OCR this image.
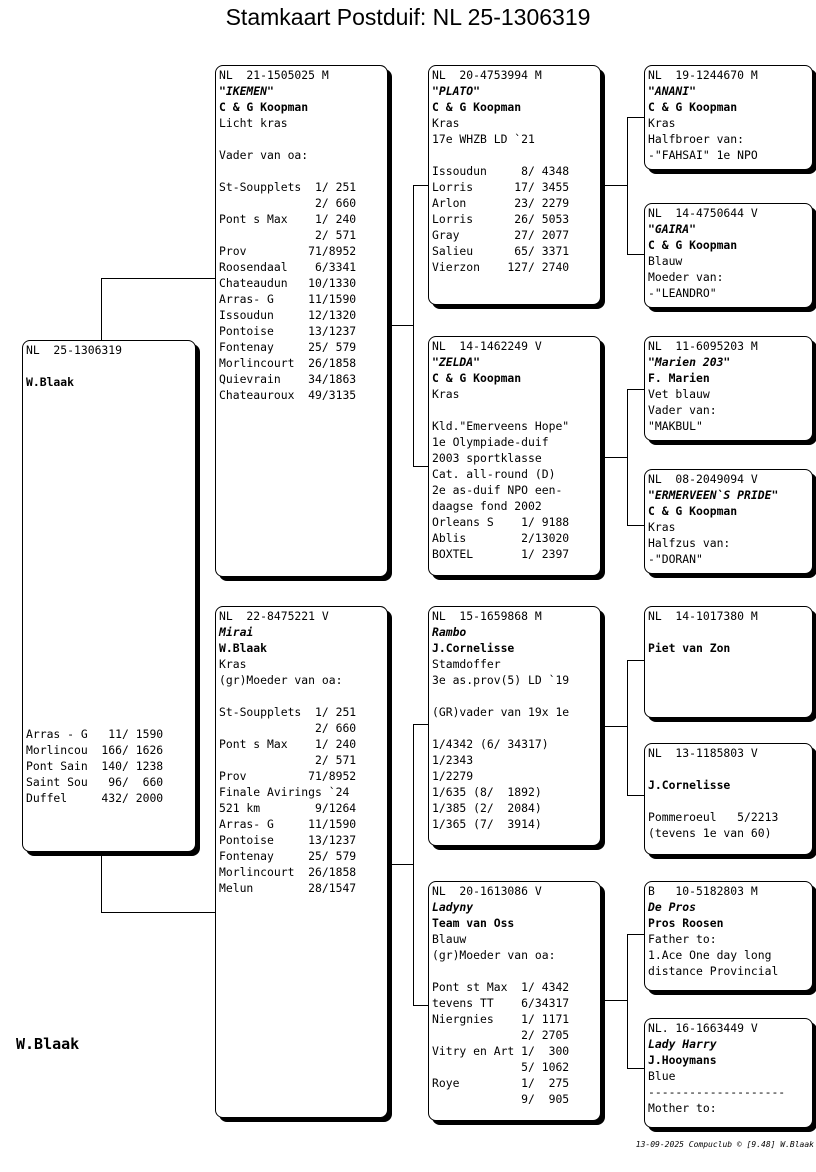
Stamkaart Postduif: NL 25-1306319
NL  25-1306319
W.Blaak
Arras - G   11/ 1590
Morlincou  166/ 1626
Pont Sain  140/ 1238
Saint Sou   96/  660
Duffel     432/ 2000
NL  21-1505025 M
"IKEMEN"
C & G Koopman
Licht kras
Vader van oa:
St-Soupplets  1/ 251
2/ 660
Pont s Max    1/ 240
2/ 571
Prov         71/8952
Roosendaal    6/3341
Chateaudun   10/1330
Arras- G     11/1590
Issoudun     12/1320
Pontoise     13/1237
Fontenay     25/ 579
Morlincourt  26/1858
Quievrain    34/1863
Chateauroux  49/3135
NL  22-8475221 V
Mirai
W.Blaak
Kras
(gr)Moeder van oa:
St-Soupplets  1/ 251
2/ 660
Pont s Max    1/ 240
2/ 571
Prov         71/8952
Finale Avirings `24
521 km        9/1264
Arras- G     11/1590
Pontoise     13/1237
Fontenay     25/ 579
Morlincourt  26/1858
Melun        28/1547
NL  20-4753994 M
"PLATO"
C & G Koopman
Kras
17e WHZB LD `21
Issoudun     8/ 4348
Lorris      17/ 3455
Arlon       23/ 2279
Lorris      26/ 5053
Gray        27/ 2077
Salieu      65/ 3371
Vierzon    127/ 2740
NL  14-1462249 V
"ZELDA"
C & G Koopman
Kras
Kld."Emerveens Hope"
1e Olympiade-duif
2003 sportklasse
Cat. all-round (D)
2e as-duif NPO een-
daagse fond 2002
Orleans S    1/ 9188
Ablis        2/13020
BOXTEL       1/ 2397
NL  15-1659868 M
Rambo
J.Cornelisse
Stamdoffer
3e as.prov(5) LD `19
(GR)vader van 19x 1e
1/4342 (6/ 34317)
1/2343
1/2279
1/635 (8/  1892)
1/385 (2/  2084)
1/365 (7/  3914)
NL  20-1613086 V
Ladyny
Team van Oss
Blauw
(gr)Moeder van oa:
Pont st Max  1/ 4342
tevens TT    6/34317
Niergnies    1/ 1171
2/ 2705
Vitry en Art 1/  300
5/ 1062
Roye         1/  275
9/  905
NL  19-1244670 M
"ANANI"
C & G Koopman
Kras
Halfbroer van:
-"FAHSAI" 1e NPO
NL  14-4750644 V
"GAIRA"
C & G Koopman
Blauw
Moeder van:
-"LEANDRO"
NL  11-6095203 M
"Marien 203"
F. Marien
Vet blauw
Vader van:
"MAKBUL"
NL  08-2049094 V
"ERMERVEEN`S PRIDE"
C & G Koopman
Kras
Halfzus van:
-"DORAN"
NL  14-1017380 M
Piet van Zon
NL  13-1185803 V
J.Cornelisse
Pommeroeul   5/2213
(tevens 1e van 60)
B   10-5182803 M
De Pros
Pros Roosen
Father to:
1.Ace One day long
distance Provincial
NL. 16-1663449 V
Lady Harry
J.Hooymans
Blue
--------------------
Mother to:
W.Blaak
13-09-2025 Compuclub © [9.48] W.Blaak
